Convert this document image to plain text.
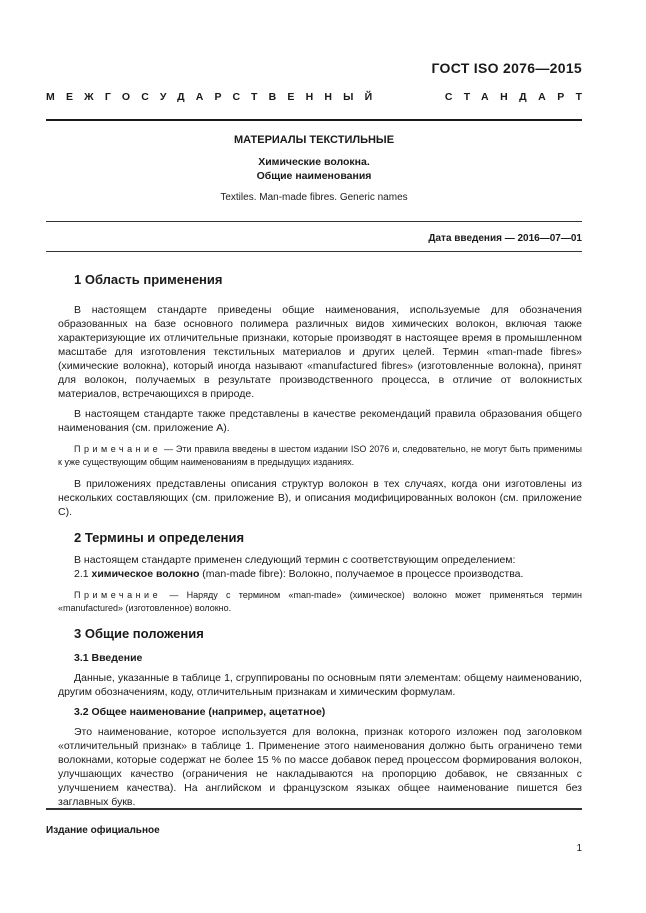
ГОСТ ISO 2076—2015
МЕЖГОСУДАРСТВЕННЫЙ	СТАНДАРТ
МАТЕРИАЛЫ ТЕКСТИЛЬНЫЕ
Химические волокна.
Общие наименования
Textiles. Man-made fibres. Generic names
Дата введения — 2016—07—01
1 Область применения

В настоящем стандарте приведены общие наименования, используемые для обозначения образованных на базе основного полимера различных видов химических волокон, включая также характеризующие их отличительные признаки, которые производят в настоящее время в промышленном масштабе для изготовления текстильных материалов и других целей. Термин «man-made fibres» (химические волокна), который иногда называют «manufactured fibres» (изготовленные волокна), принят для волокон, получаемых в результате производственного процесса, в отличие от волокнистых материалов, встречающихся в природе.

В настоящем стандарте также представлены в качестве рекомендаций правила образования общего наименования (см. приложение А).

Примечание — Эти правила введены в шестом издании ISO 2076 и, следовательно, не могут быть применимы к уже существующим общим наименованиям в предыдущих изданиях.

В приложениях представлены описания структур волокон в тех случаях, когда они изготовлены из нескольких составляющих (см. приложение В), и описания модифицированных волокон (см. приложение С).

2 Термины и определения

В настоящем стандарте применен следующий термин с соответствующим определением:

2.1 химическое волокно (man-made fibre): Волокно, получаемое в процессе производства.

Примечание — Наряду с термином «man-made» (химическое) волокно может применяться термин «manufactured» (изготовленное) волокно.

3 Общие положения
3.1 Введение

Данные, указанные в таблице 1, сгруппированы по основным пяти элементам: общему наименованию, другим обозначениям, коду, отличительным признакам и химическим формулам.

3.2 Общее наименование (например, ацетатное)

Это наименование, которое используется для волокна, признак которого изложен под заголовком «отличительный признак» в таблице 1. Применение этого наименования должно быть ограничено теми волокнами, которые содержат не более 15 % по массе добавок перед процессом формирования волокон, улучшающих качество (ограничения не накладываются на пропорцию добавок, не связанных с улучшением качества). На английском и французском языках общее наименование пишется без заглавных букв.

Издание официальное
1
